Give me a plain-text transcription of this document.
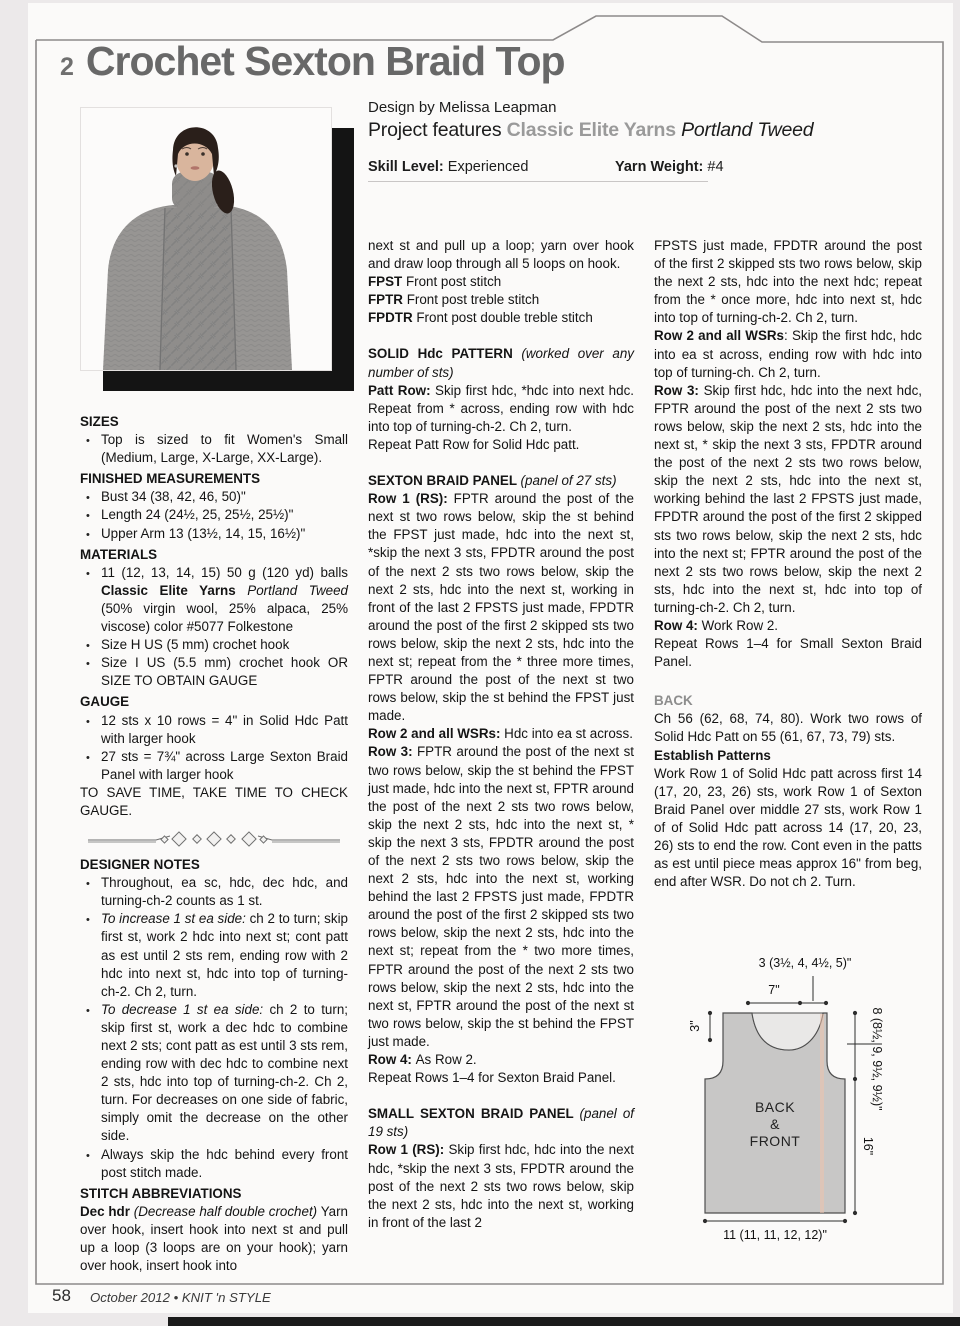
2 Crochet Sexton Braid Top
Design by Melissa Leapman
Project features Classic Elite Yarns Portland Tweed
Skill Level: Experienced	Yarn Weight: #4
SIZES
• Top is sized to fit Women's Small (Medium, Large, X-Large, XX-Large).
FINISHED MEASUREMENTS
• Bust 34 (38, 42, 46, 50)"
• Length 24 (24½, 25, 25½, 25½)"
• Upper Arm 13 (13½, 14, 15, 16½)"
MATERIALS
• 11 (12, 13, 14, 15) 50 g (120 yd) balls Classic Elite Yarns Portland Tweed (50% virgin wool, 25% alpaca, 25% viscose) color #5077 Folkestone
• Size H US (5 mm) crochet hook
• Size I US (5.5 mm) crochet hook OR SIZE TO OBTAIN GAUGE
GAUGE
• 12 sts x 10 rows = 4" in Solid Hdc Patt with larger hook
• 27 sts = 7¾" across Large Sexton Braid Panel with larger hook
TO SAVE TIME, TAKE TIME TO CHECK GAUGE.
DESIGNER NOTES
• Throughout, ea sc, hdc, dec hdc, and turning-ch-2 counts as 1 st.
• To increase 1 st ea side: ch 2 to turn; skip first st, work 2 hdc into next st; cont patt as est until 2 sts rem, ending row with 2 hdc into next st, hdc into top of turning-ch-2. Ch 2, turn.
• To decrease 1 st ea side: ch 2 to turn; skip first st, work a dec hdc to combine next 2 sts; cont patt as est until 3 sts rem, ending row with dec hdc to combine next 2 sts, hdc into top of turning-ch-2. Ch 2, turn. For decreases on one side of fabric, simply omit the decrease on the other side.
• Always skip the hdc behind every front post stitch made.
STITCH ABBREVIATIONS
Dec hdr (Decrease half double crochet) Yarn over hook, insert hook into next st and pull up a loop (3 loops are on your hook); yarn over hook, insert hook into
next st and pull up a loop; yarn over hook and draw loop through all 5 loops on hook.
FPST Front post stitch
FPTR Front post treble stitch
FPDTR Front post double treble stitch
SOLID Hdc PATTERN (worked over any number of sts)
Patt Row: Skip first hdc, *hdc into next hdc. Repeat from * across, ending row with hdc into top of turning-ch-2. Ch 2, turn.
Repeat Patt Row for Solid Hdc patt.
SEXTON BRAID PANEL (panel of 27 sts)
Row 1 (RS): FPTR around the post of the next st two rows below, skip the st behind the FPST just made, hdc into the next st, *skip the next 3 sts, FPDTR around the post of the next 2 sts two rows below, skip the next 2 sts, hdc into the next st, working in front of the last 2 FPSTS just made, FPDTR around the post of the first 2 skipped sts two rows below, skip the next 2 sts, hdc into the next st; repeat from the * three more times, FPTR around the post of the next st two rows below, skip the st behind the FPST just made.
Row 2 and all WSRs: Hdc into ea st across.
Row 3: FPTR around the post of the next st two rows below, skip the st behind the FPST just made, hdc into the next st, FPTR around the post of the next 2 sts two rows below, skip the next 2 sts, hdc into the next st, * skip the next 3 sts, FPDTR around the post of the next 2 sts two rows below, skip the next 2 sts, hdc into the next st, working behind the last 2 FPSTS just made, FPDTR around the post of the first 2 skipped sts two rows below, skip the next 2 sts, hdc into the next st; repeat from the * two more times, FPTR around the post of the next 2 sts two rows below, skip the next 2 sts, hdc into the next st, FPTR around the post of the next st two rows below, skip the st behind the FPST just made.
Row 4: As Row 2.
Repeat Rows 1–4 for Sexton Braid Panel.
SMALL SEXTON BRAID PANEL (panel of 19 sts)
Row 1 (RS): Skip first hdc, hdc into the next hdc, *skip the next 3 sts, FPDTR around the post of the next 2 sts two rows below, skip the next 2 sts, hdc into the next st, working in front of the last 2
FPSTS just made, FPDTR around the post of the first 2 skipped sts two rows below, skip the next 2 sts, hdc into the next hdc; repeat from the * once more, hdc into next st, hdc into top of turning-ch-2. Ch 2, turn.
Row 2 and all WSRs: Skip the first hdc, hdc into ea st across, ending row with hdc into top of turning-ch. Ch 2, turn.
Row 3: Skip first hdc, hdc into the next hdc, FPTR around the post of the next 2 sts two rows below, skip the next 2 sts, hdc into the next st, * skip the next 3 sts, FPDTR around the post of the next 2 sts two rows below, skip the next 2 sts, hdc into the next st, working behind the last 2 FPSTS just made, FPDTR around the post of the first 2 skipped sts two rows below, skip the next 2 sts, hdc into the next st; FPTR around the post of the next 2 sts two rows below, skip the next 2 sts, hdc into the next st, hdc into top of turning-ch-2. Ch 2, turn.
Row 4: Work Row 2.
Repeat Rows 1–4 for Small Sexton Braid Panel.
BACK
Ch 56 (62, 68, 74, 80). Work two rows of Solid Hdc Patt on 55 (61, 67, 73, 79) sts.
Establish Patterns
Work Row 1 of Solid Hdc patt across first 14 (17, 20, 23, 26) sts, work Row 1 of Sexton Braid Panel over middle 27 sts, work Row 1 of of Solid Hdc patt across 14 (17, 20, 23, 26) sts to end the row. Cont even in the patts as est until piece meas approx 16" from beg, end after WSR. Do not ch 2. Turn.
3 (3½, 4, 4½, 5)"
7"
3"	8 (8½, 9, 9½, 9½)"
16"
11 (11, 11, 12, 12)"
BACK
&
FRONT
58 October 2012 • KNIT 'n STYLE
